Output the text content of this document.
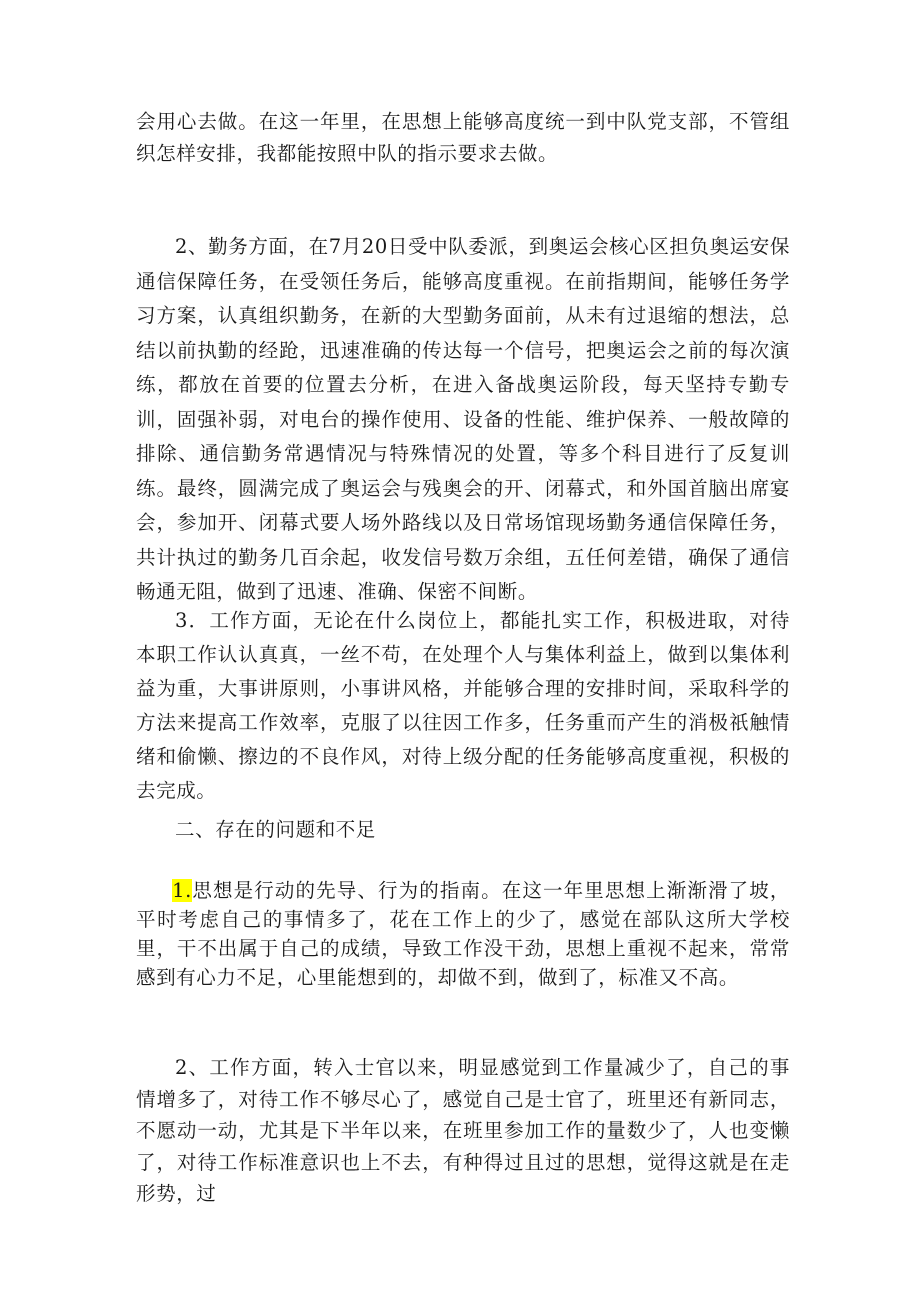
会用心去做。在这一年里，在思想上能够高度统一到中队党支部，不管组织怎样安排，我都能按照中队的指示要求去做。

2、勤务方面，在7月20日受中队委派，到奥运会核心区担负奥运安保通信保障任务，在受领任务后，能够高度重视。在前指期间，能够任务学习方案，认真组织勤务，在新的大型勤务面前，从未有过退缩的想法，总结以前执勤的经跄，迅速准确的传达每一个信号，把奥运会之前的每次演练，都放在首要的位置去分析，在进入备战奥运阶段，每天坚持专勤专训，固强补弱，对电台的操作使用、设备的性能、维护保养、一般故障的排除、通信勤务常遇情况与特殊情况的处置，等多个科目进行了反复训练。最终，圆满完成了奥运会与残奥会的开、闭幕式，和外国首脑出席宴会，参加开、闭幕式要人场外路线以及日常场馆现场勤务通信保障任务，共计执过的勤务几百余起，收发信号数万余组，五任何差错，确保了通信畅通无阻，做到了迅速、准确、保密不间断。

3．工作方面，无论在什么岗位上，都能扎实工作，积极进取，对待本职工作认认真真，一丝不苟，在处理个人与集体利益上，做到以集体利益为重，大事讲原则，小事讲风格，并能够合理的安排时间，采取科学的方法来提高工作效率，克服了以往因工作多，任务重而产生的消极祇触情绪和偷懒、擦边的不良作风，对待上级分配的任务能够高度重视，积极的去完成。

二、存在的问题和不足

1.思想是行动的先导、行为的指南。在这一年里思想上渐渐滑了坡，平时考虑自己的事情多了，花在工作上的少了，感觉在部队这所大学校里，干不出属于自己的成绩，导致工作没干劲，思想上重视不起来，常常感到有心力不足，心里能想到的，却做不到，做到了，标准又不高。

2、工作方面，转入士官以来，明显感觉到工作量减少了，自己的事情增多了，对待工作不够尽心了，感觉自己是士官了，班里还有新同志，不愿动一动，尤其是下半年以来，在班里参加工作的量数少了，人也变懒了，对待工作标准意识也上不去，有种得过且过的思想，觉得这就是在走形势，过
